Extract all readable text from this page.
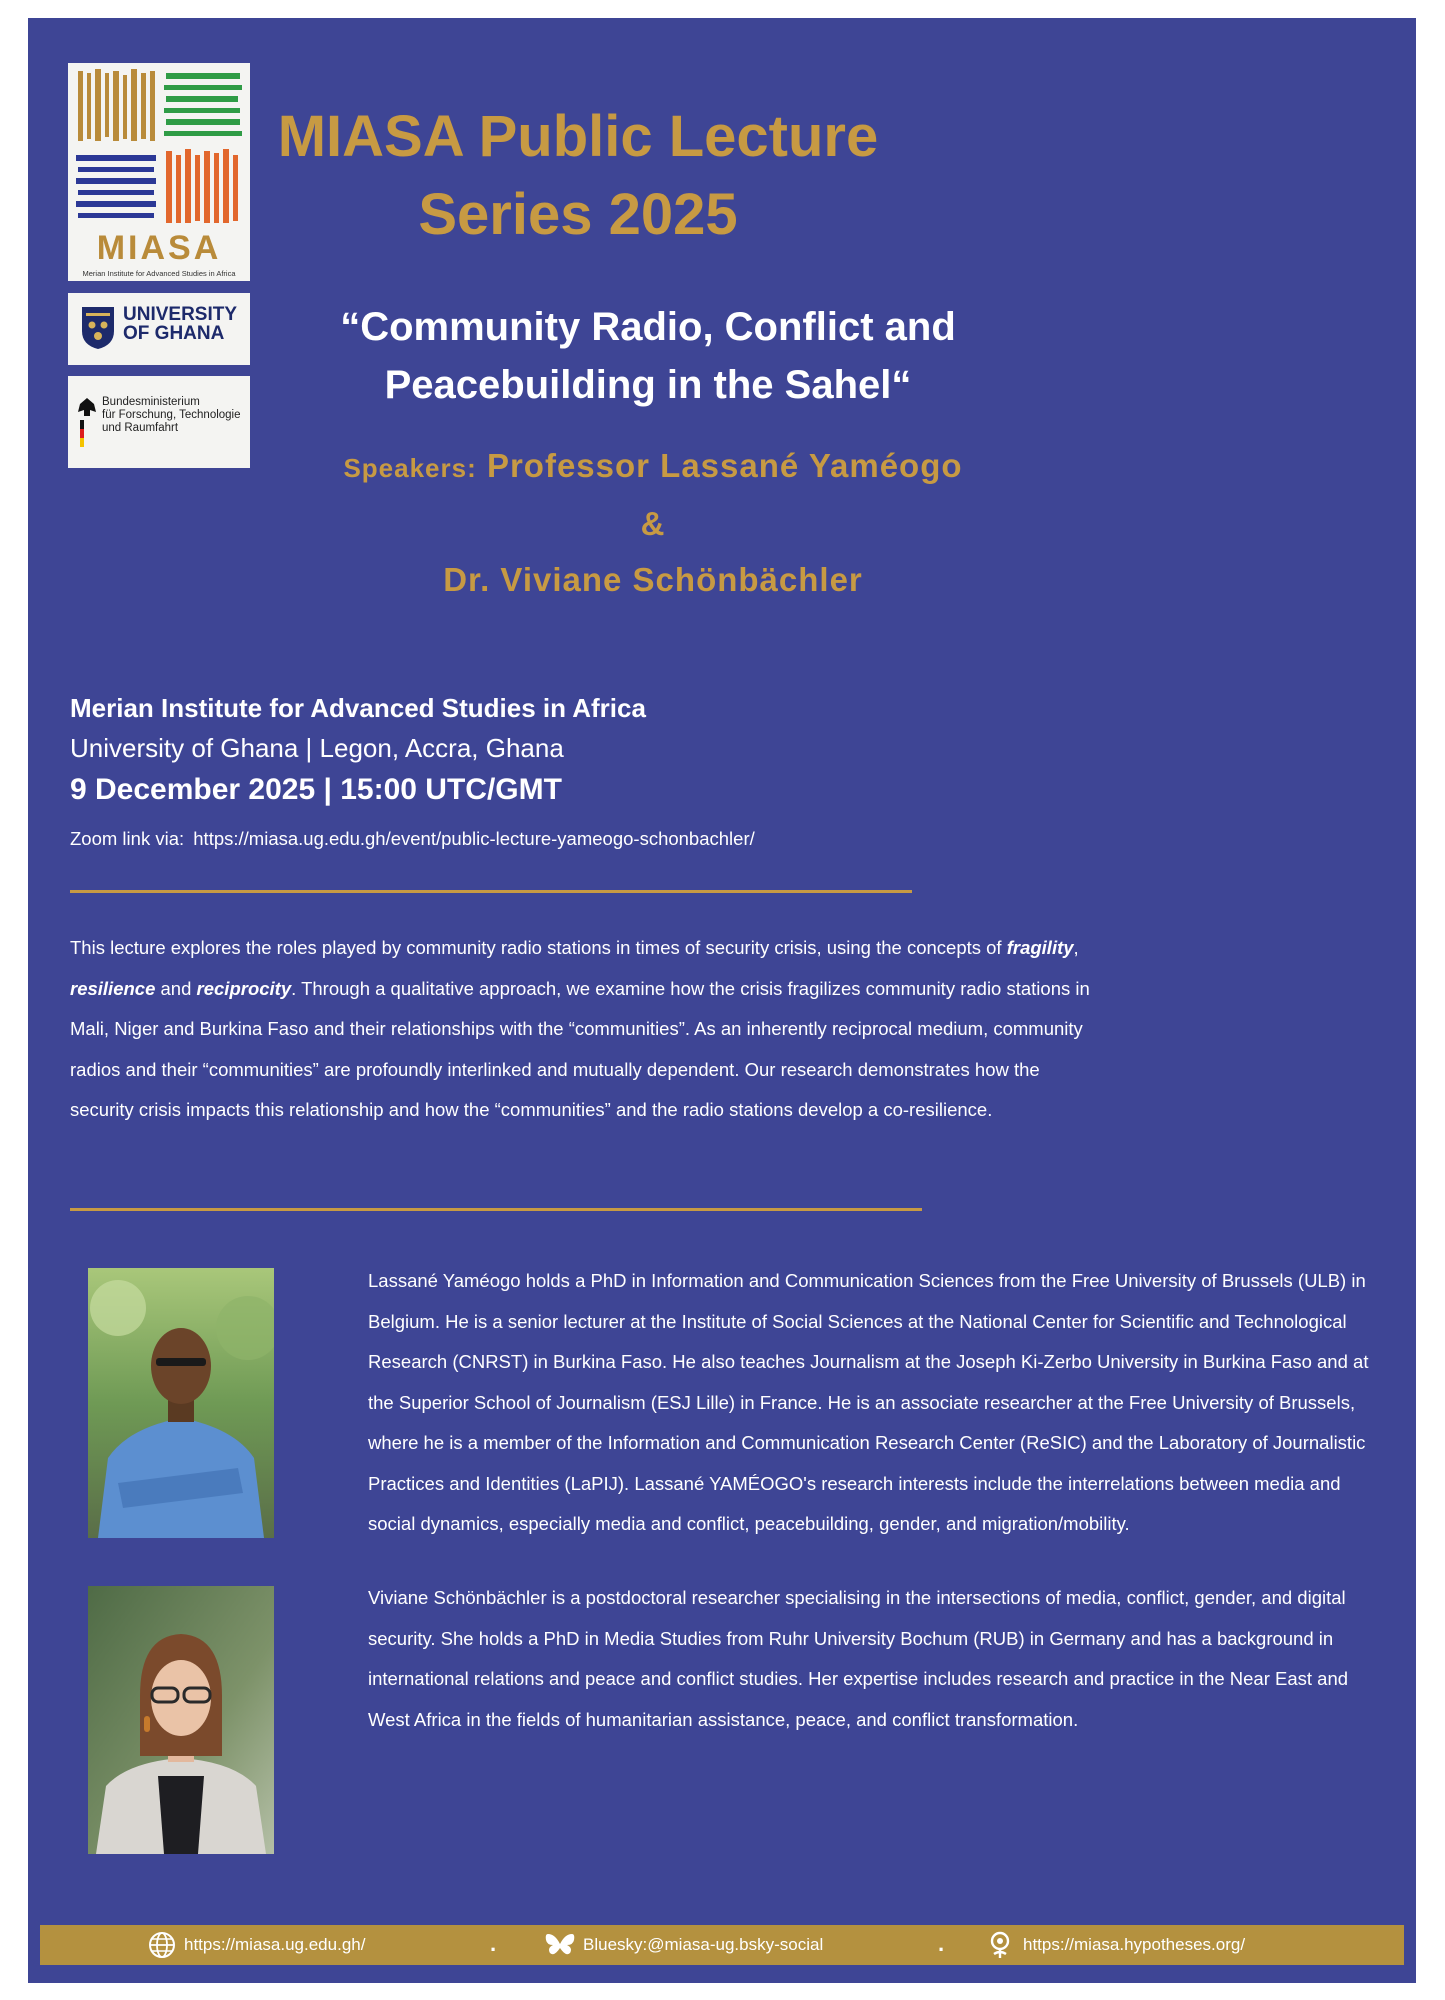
MIASA
Merian Institute for Advanced Studies in Africa
UNIVERSITY
OF GHANA
Bundesministerium
für Forschung, Technologie
und Raumfahrt
MIASA Public Lecture
Series 2025
“Community Radio, Conflict and
Peacebuilding in the Sahel“
Speakers: Professor Lassané Yaméogo &
Dr. Viviane Schönbächler
Merian Institute for Advanced Studies in Africa
University of Ghana | Legon, Accra, Ghana
9 December 2025 | 15:00 UTC/GMT
Zoom link via: https://miasa.ug.edu.gh/event/public-lecture-yameogo-schonbachler/
This lecture explores the roles played by community radio stations in times of security crisis, using the concepts of fragility, resilience and reciprocity. Through a qualitative approach, we examine how the crisis fragilizes community radio stations in Mali, Niger and Burkina Faso and their relationships with the “communities”. As an inherently reciprocal medium, community radios and their “communities” are profoundly interlinked and mutually dependent. Our research demonstrates how the security crisis impacts this relationship and how the “communities” and the radio stations develop a co-resilience.
Lassané Yaméogo holds a PhD in Information and Communication Sciences from the Free University of Brussels (ULB) in Belgium. He is a senior lecturer at the Institute of Social Sciences at the National Center for Scientific and Technological Research (CNRST) in Burkina Faso. He also teaches Journalism at the Joseph Ki-Zerbo University in Burkina Faso and at the Superior School of Journalism (ESJ Lille) in France. He is an associate researcher at the Free University of Brussels, where he is a member of the Information and Communication Research Center (ReSIC) and the Laboratory of Journalistic Practices and Identities (LaPIJ). Lassané YAMÉOGO's research interests include the interrelations between media and social dynamics, especially media and conflict, peacebuilding, gender, and migration/mobility.
Viviane Schönbächler is a postdoctoral researcher specialising in the intersections of media, conflict, gender, and digital security. She holds a PhD in Media Studies from Ruhr University Bochum (RUB) in Germany and has a background in international relations and peace and conflict studies. Her expertise includes research and practice in the Near East and West Africa in the fields of humanitarian assistance, peace, and conflict transformation.
https://miasa.ug.edu.gh/	.	Bluesky:@miasa-ug.bsky-social	.	https://miasa.hypotheses.org/
